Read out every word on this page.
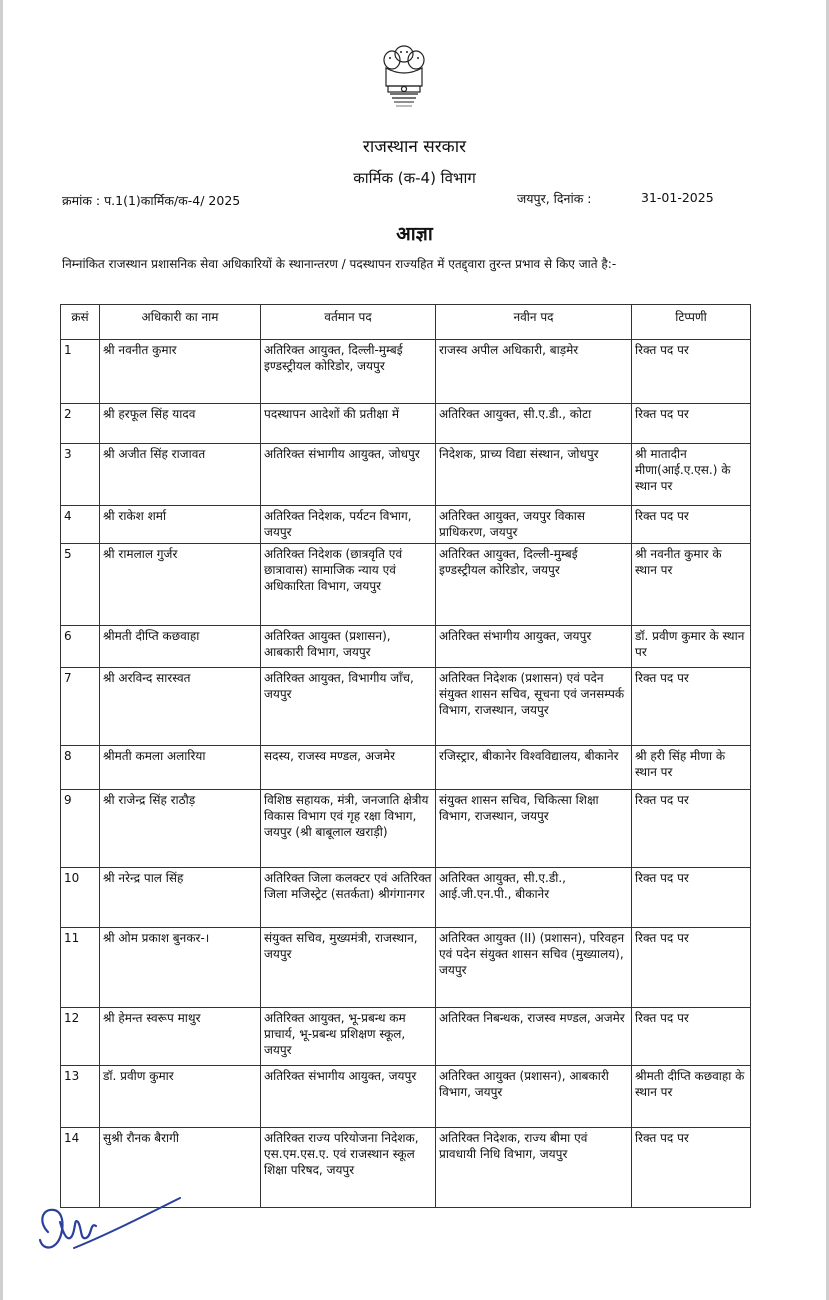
राजस्थान सरकार
कार्मिक (क-4) विभाग
क्रमांक : प.1(1)कार्मिक/क-4/ 2025	जयपुर, दिनांक :	31-01-2025
आज्ञा
निम्नांकित राजस्थान प्रशासनिक सेवा अधिकारियों के स्थानान्तरण / पदस्थापन राज्यहित में एतद्द्वारा तुरन्त प्रभाव से किए जाते है:-
क्रसं	अधिकारी का नाम	वर्तमान पद	नवीन पद	टिप्पणी
1	श्री नवनीत कुमार	अतिरिक्त आयुक्त, दिल्ली-मुम्बई इण्डस्ट्रीयल कोरिडोर, जयपुर	राजस्व अपील अधिकारी, बाड़मेर	रिक्त पद पर
2	श्री हरफूल सिंह यादव	पदस्थापन आदेशों की प्रतीक्षा में	अतिरिक्त आयुक्त, सी.ए.डी., कोटा	रिक्त पद पर
3	श्री अजीत सिंह राजावत	अतिरिक्त संभागीय आयुक्त, जोधपुर	निदेशक, प्राच्य विद्या संस्थान, जोधपुर	श्री मातादीन मीणा(आई.ए.एस.) के स्थान पर
4	श्री राकेश शर्मा	अतिरिक्त निदेशक, पर्यटन विभाग, जयपुर	अतिरिक्त आयुक्त, जयपुर विकास प्राधिकरण, जयपुर	रिक्त पद पर
5	श्री रामलाल गुर्जर	अतिरिक्त निदेशक (छात्रवृति एवं छात्रावास) सामाजिक न्याय एवं अधिकारिता विभाग, जयपुर	अतिरिक्त आयुक्त, दिल्ली-मुम्बई इण्डस्ट्रीयल कोरिडोर, जयपुर	श्री नवनीत कुमार के स्थान पर
6	श्रीमती दीप्ति कछवाहा	अतिरिक्त आयुक्त (प्रशासन), आबकारी विभाग, जयपुर	अतिरिक्त संभागीय आयुक्त, जयपुर	डॉ. प्रवीण कुमार के स्थान पर
7	श्री अरविन्द सारस्वत	अतिरिक्त आयुक्त, विभागीय जाँच, जयपुर	अतिरिक्त निदेशक (प्रशासन) एवं पदेन संयुक्त शासन सचिव, सूचना एवं जनसम्पर्क विभाग, राजस्थान, जयपुर	रिक्त पद पर
8	श्रीमती कमला अलारिया	सदस्य, राजस्व मण्डल, अजमेर	रजिस्ट्रार, बीकानेर विश्वविद्यालय, बीकानेर	श्री हरी सिंह मीणा के स्थान पर
9	श्री राजेन्द्र सिंह राठौड़	विशिष्ठ सहायक, मंत्री, जनजाति क्षेत्रीय विकास विभाग एवं गृह रक्षा विभाग, जयपुर (श्री बाबूलाल खराड़ी)	संयुक्त शासन सचिव, चिकित्सा शिक्षा विभाग, राजस्थान, जयपुर	रिक्त पद पर
10	श्री नरेन्द्र पाल सिंह	अतिरिक्त जिला कलक्टर एवं अतिरिक्त जिला मजिस्ट्रेट (सतर्कता) श्रीगंगानगर	अतिरिक्त आयुक्त, सी.ए.डी., आई.जी.एन.पी., बीकानेर	रिक्त पद पर
11	श्री ओम प्रकाश बुनकर-।	संयुक्त सचिव, मुख्यमंत्री, राजस्थान, जयपुर	अतिरिक्त आयुक्त (II) (प्रशासन), परिवहन एवं पदेन संयुक्त शासन सचिव (मुख्यालय), जयपुर	रिक्त पद पर
12	श्री हेमन्त स्वरूप माथुर	अतिरिक्त आयुक्त, भू-प्रबन्ध कम प्राचार्य, भू-प्रबन्ध प्रशिक्षण स्कूल, जयपुर	अतिरिक्त निबन्धक, राजस्व मण्डल, अजमेर	रिक्त पद पर
13	डॉ. प्रवीण कुमार	अतिरिक्त संभागीय आयुक्त, जयपुर	अतिरिक्त आयुक्त (प्रशासन), आबकारी विभाग, जयपुर	श्रीमती दीप्ति कछवाहा के स्थान पर
14	सुश्री रौनक बैरागी	अतिरिक्त राज्य परियोजना निदेशक, एस.एम.एस.ए. एवं राजस्थान स्कूल शिक्षा परिषद, जयपुर	अतिरिक्त निदेशक, राज्य बीमा एवं प्रावधायी निधि विभाग, जयपुर	रिक्त पद पर
